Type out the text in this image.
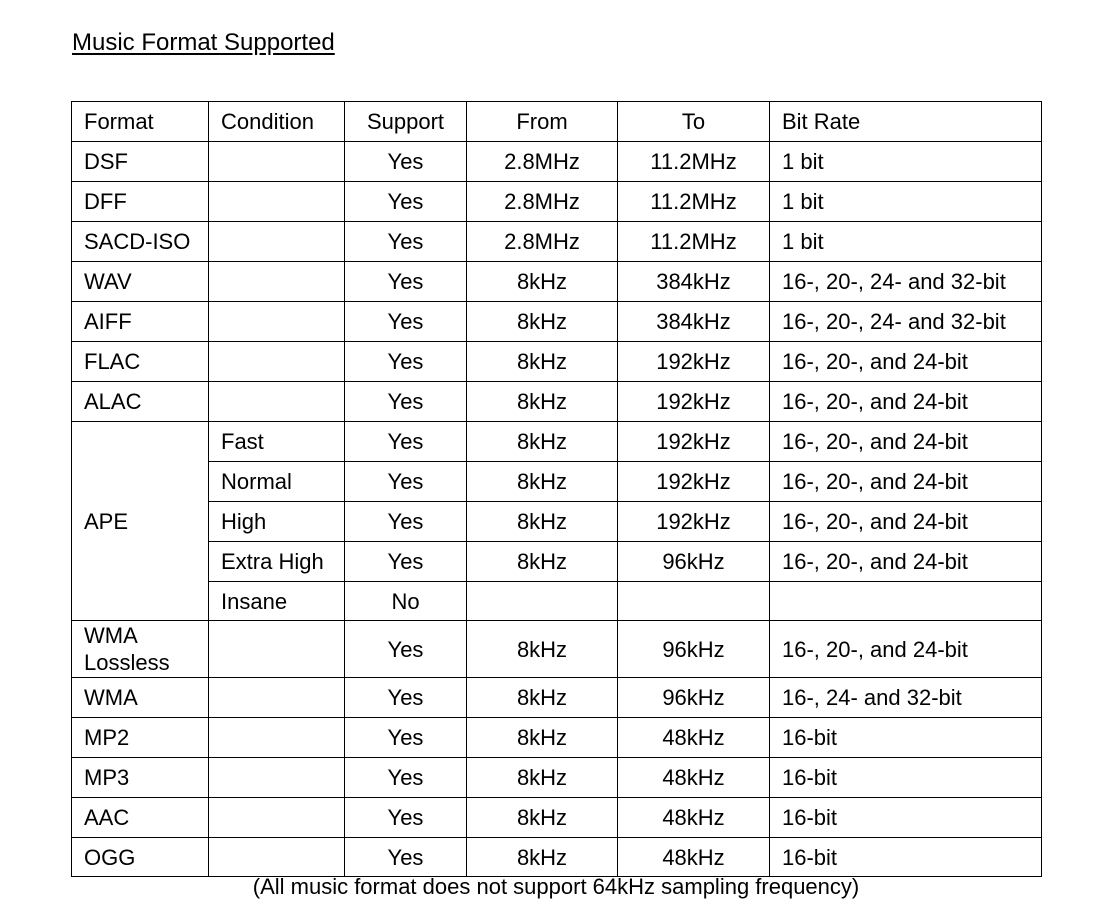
Music Format Supported
Format	Condition	Support	From	To	Bit Rate
DSF		Yes	2.8MHz	11.2MHz	1 bit
DFF		Yes	2.8MHz	11.2MHz	1 bit
SACD-ISO		Yes	2.8MHz	11.2MHz	1 bit
WAV		Yes	8kHz	384kHz	16-, 20-, 24- and 32-bit
AIFF		Yes	8kHz	384kHz	16-, 20-, 24- and 32-bit
FLAC		Yes	8kHz	192kHz	16-, 20-, and 24-bit
ALAC		Yes	8kHz	192kHz	16-, 20-, and 24-bit
APE	Fast	Yes	8kHz	192kHz	16-, 20-, and 24-bit
	Normal	Yes	8kHz	192kHz	16-, 20-, and 24-bit
	High	Yes	8kHz	192kHz	16-, 20-, and 24-bit
	Extra High	Yes	8kHz	96kHz	16-, 20-, and 24-bit
	Insane	No			
WMA Lossless		Yes	8kHz	96kHz	16-, 20-, and 24-bit
WMA		Yes	8kHz	96kHz	16-, 24- and 32-bit
MP2		Yes	8kHz	48kHz	16-bit
MP3		Yes	8kHz	48kHz	16-bit
AAC		Yes	8kHz	48kHz	16-bit
OGG		Yes	8kHz	48kHz	16-bit
(All music format does not support 64kHz sampling frequency)
